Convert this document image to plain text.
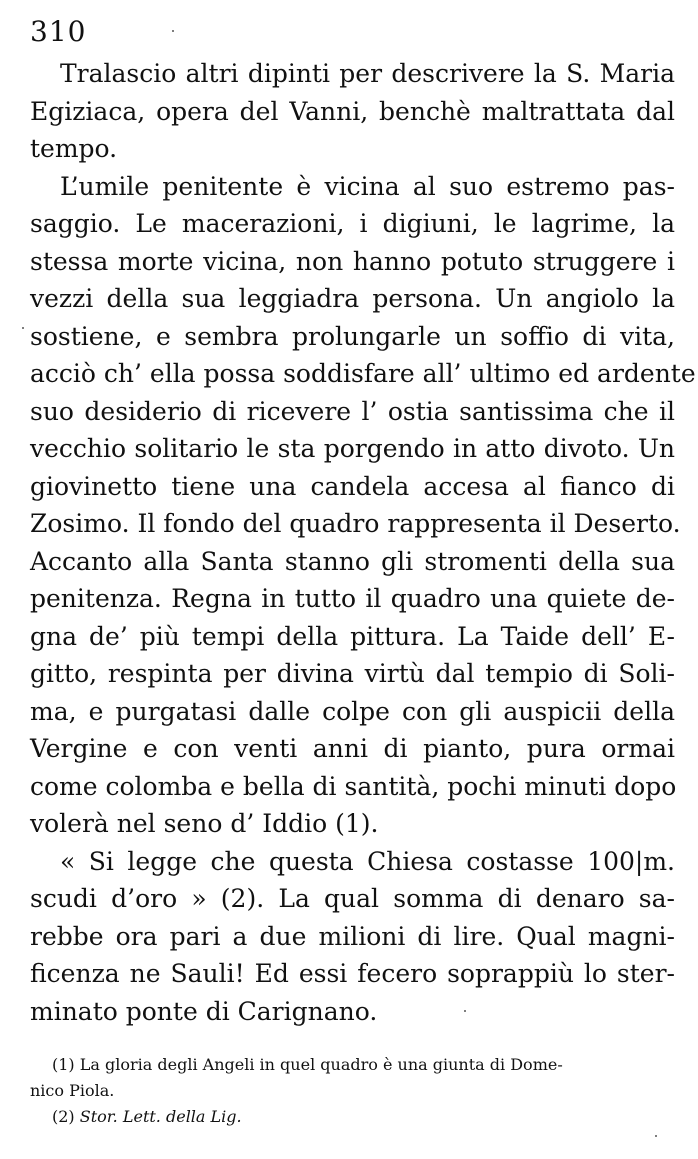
310
Tralascio altri dipinti per descrivere la S. Maria
Egiziaca, opera del Vanni, benchè maltrattata dal
tempo.
L’umile penitente è vicina al suo estremo pas-
saggio. Le macerazioni, i digiuni, le lagrime, la
stessa morte vicina, non hanno potuto struggere i
vezzi della sua leggiadra persona. Un angiolo la
sostiene, e sembra prolungarle un soffio di vita,
acciò ch’ ella possa soddisfare all’ ultimo ed ardente
suo desiderio di ricevere l’ ostia santissima che il
vecchio solitario le sta porgendo in atto divoto. Un
giovinetto tiene una candela accesa al fianco di
Zosimo. Il fondo del quadro rappresenta il Deserto.
Accanto alla Santa stanno gli stromenti della sua
penitenza. Regna in tutto il quadro una quiete de-
gna de’ più tempi della pittura. La Taide dell’ E-
gitto, respinta per divina virtù dal tempio di Soli-
ma, e purgatasi dalle colpe con gli auspicii della
Vergine e con venti anni di pianto, pura ormai
come colomba e bella di santità, pochi minuti dopo
volerà nel seno d’ Iddio (1).
« Si legge che questa Chiesa costasse 100|m.
scudi d’oro » (2). La qual somma di denaro sa-
rebbe ora pari a due milioni di lire. Qual magni-
ficenza ne Sauli! Ed essi fecero soprappiù lo ster-
minato ponte di Carignano.
(1) La gloria degli Angeli in quel quadro è una giunta di Dome-
nico Piola.
(2) Stor. Lett. della Lig.
